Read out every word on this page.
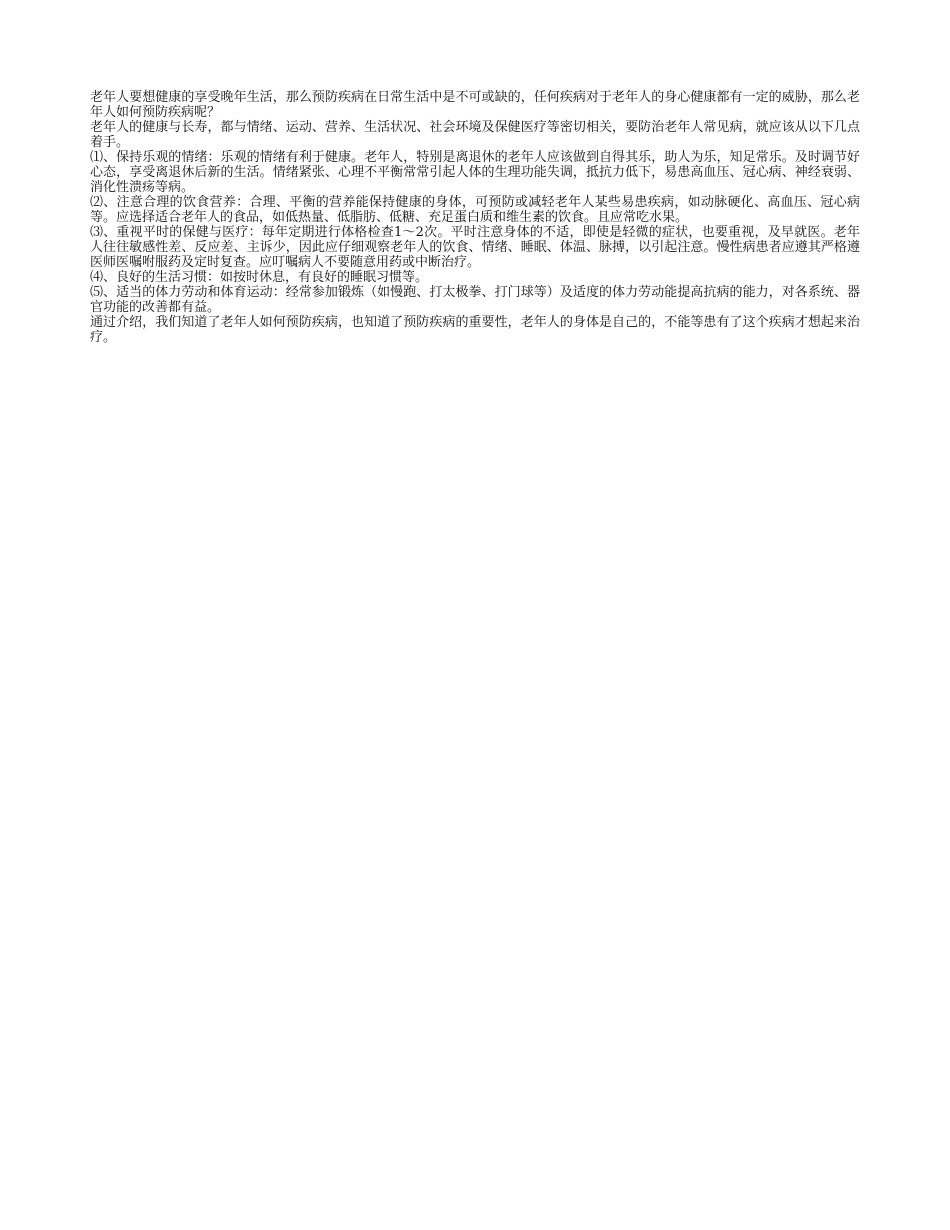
老年人要想健康的享受晚年生活，那么预防疾病在日常生活中是不可或缺的，任何疾病对于老年人的身心健康都有一定的威胁，那么老年人如何预防疾病呢？

老年人的健康与长寿，都与情绪、运动、营养、生活状况、社会环境及保健医疗等密切相关，要防治老年人常见病，就应该从以下几点着手。

⑴、保持乐观的情绪：乐观的情绪有利于健康。老年人，特别是离退休的老年人应该做到自得其乐，助人为乐，知足常乐。及时调节好心态，享受离退休后新的生活。情绪紧张、心理不平衡常常引起人体的生理功能失调，抵抗力低下，易患高血压、冠心病、神经衰弱、消化性溃疡等病。

⑵、注意合理的饮食营养：合理、平衡的营养能保持健康的身体，可预防或减轻老年人某些易患疾病，如动脉硬化、高血压、冠心病等。应选择适合老年人的食品，如低热量、低脂肪、低糖、充足蛋白质和维生素的饮食。且应常吃水果。

⑶、重视平时的保健与医疗：每年定期进行体格检查1～2次。平时注意身体的不适，即使是轻微的症状，也要重视，及早就医。老年人往往敏感性差、反应差、主诉少，因此应仔细观察老年人的饮食、情绪、睡眠、体温、脉搏，以引起注意。慢性病患者应遵其严格遵医师医嘱咐服药及定时复查。应叮嘱病人不要随意用药或中断治疗。

⑷、良好的生活习惯：如按时休息，有良好的睡眠习惯等。

⑸、适当的体力劳动和体育运动：经常参加锻炼（如慢跑、打太极拳、打门球等）及适度的体力劳动能提高抗病的能力，对各系统、器官功能的改善都有益。

通过介绍，我们知道了老年人如何预防疾病，也知道了预防疾病的重要性，老年人的身体是自己的，不能等患有了这个疾病才想起来治疗。
